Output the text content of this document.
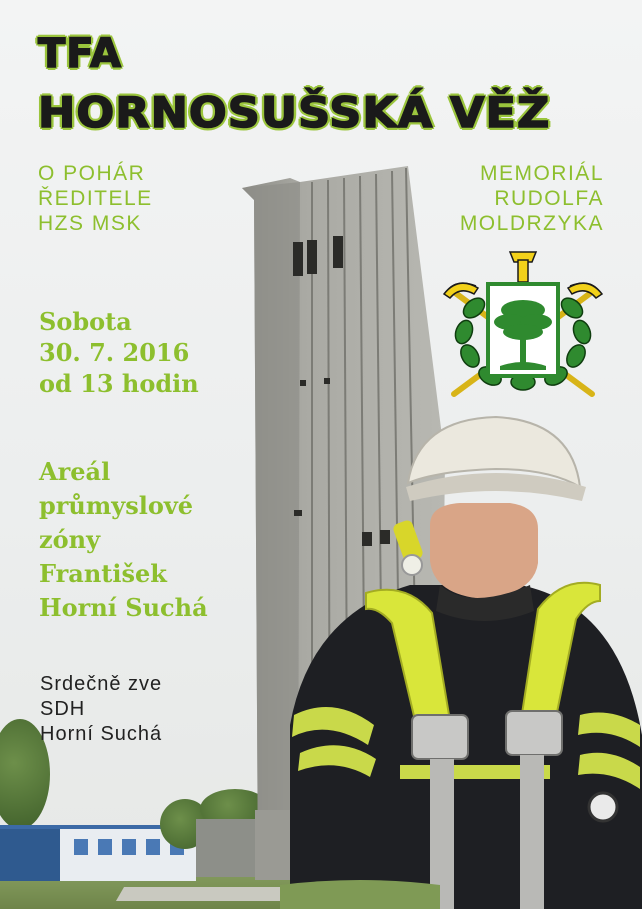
TFA
HORNOSUŠSKÁ VĚŽ
O POHÁR
ŘEDITELE
HZS MSK
MEMORIÁL
RUDOLFA
MOLDRZYKA
Sobota
30. 7. 2016
od 13 hodin
Areál
průmyslové
zóny
František
Horní Suchá
Srdečně zve
SDH
Horní Suchá
